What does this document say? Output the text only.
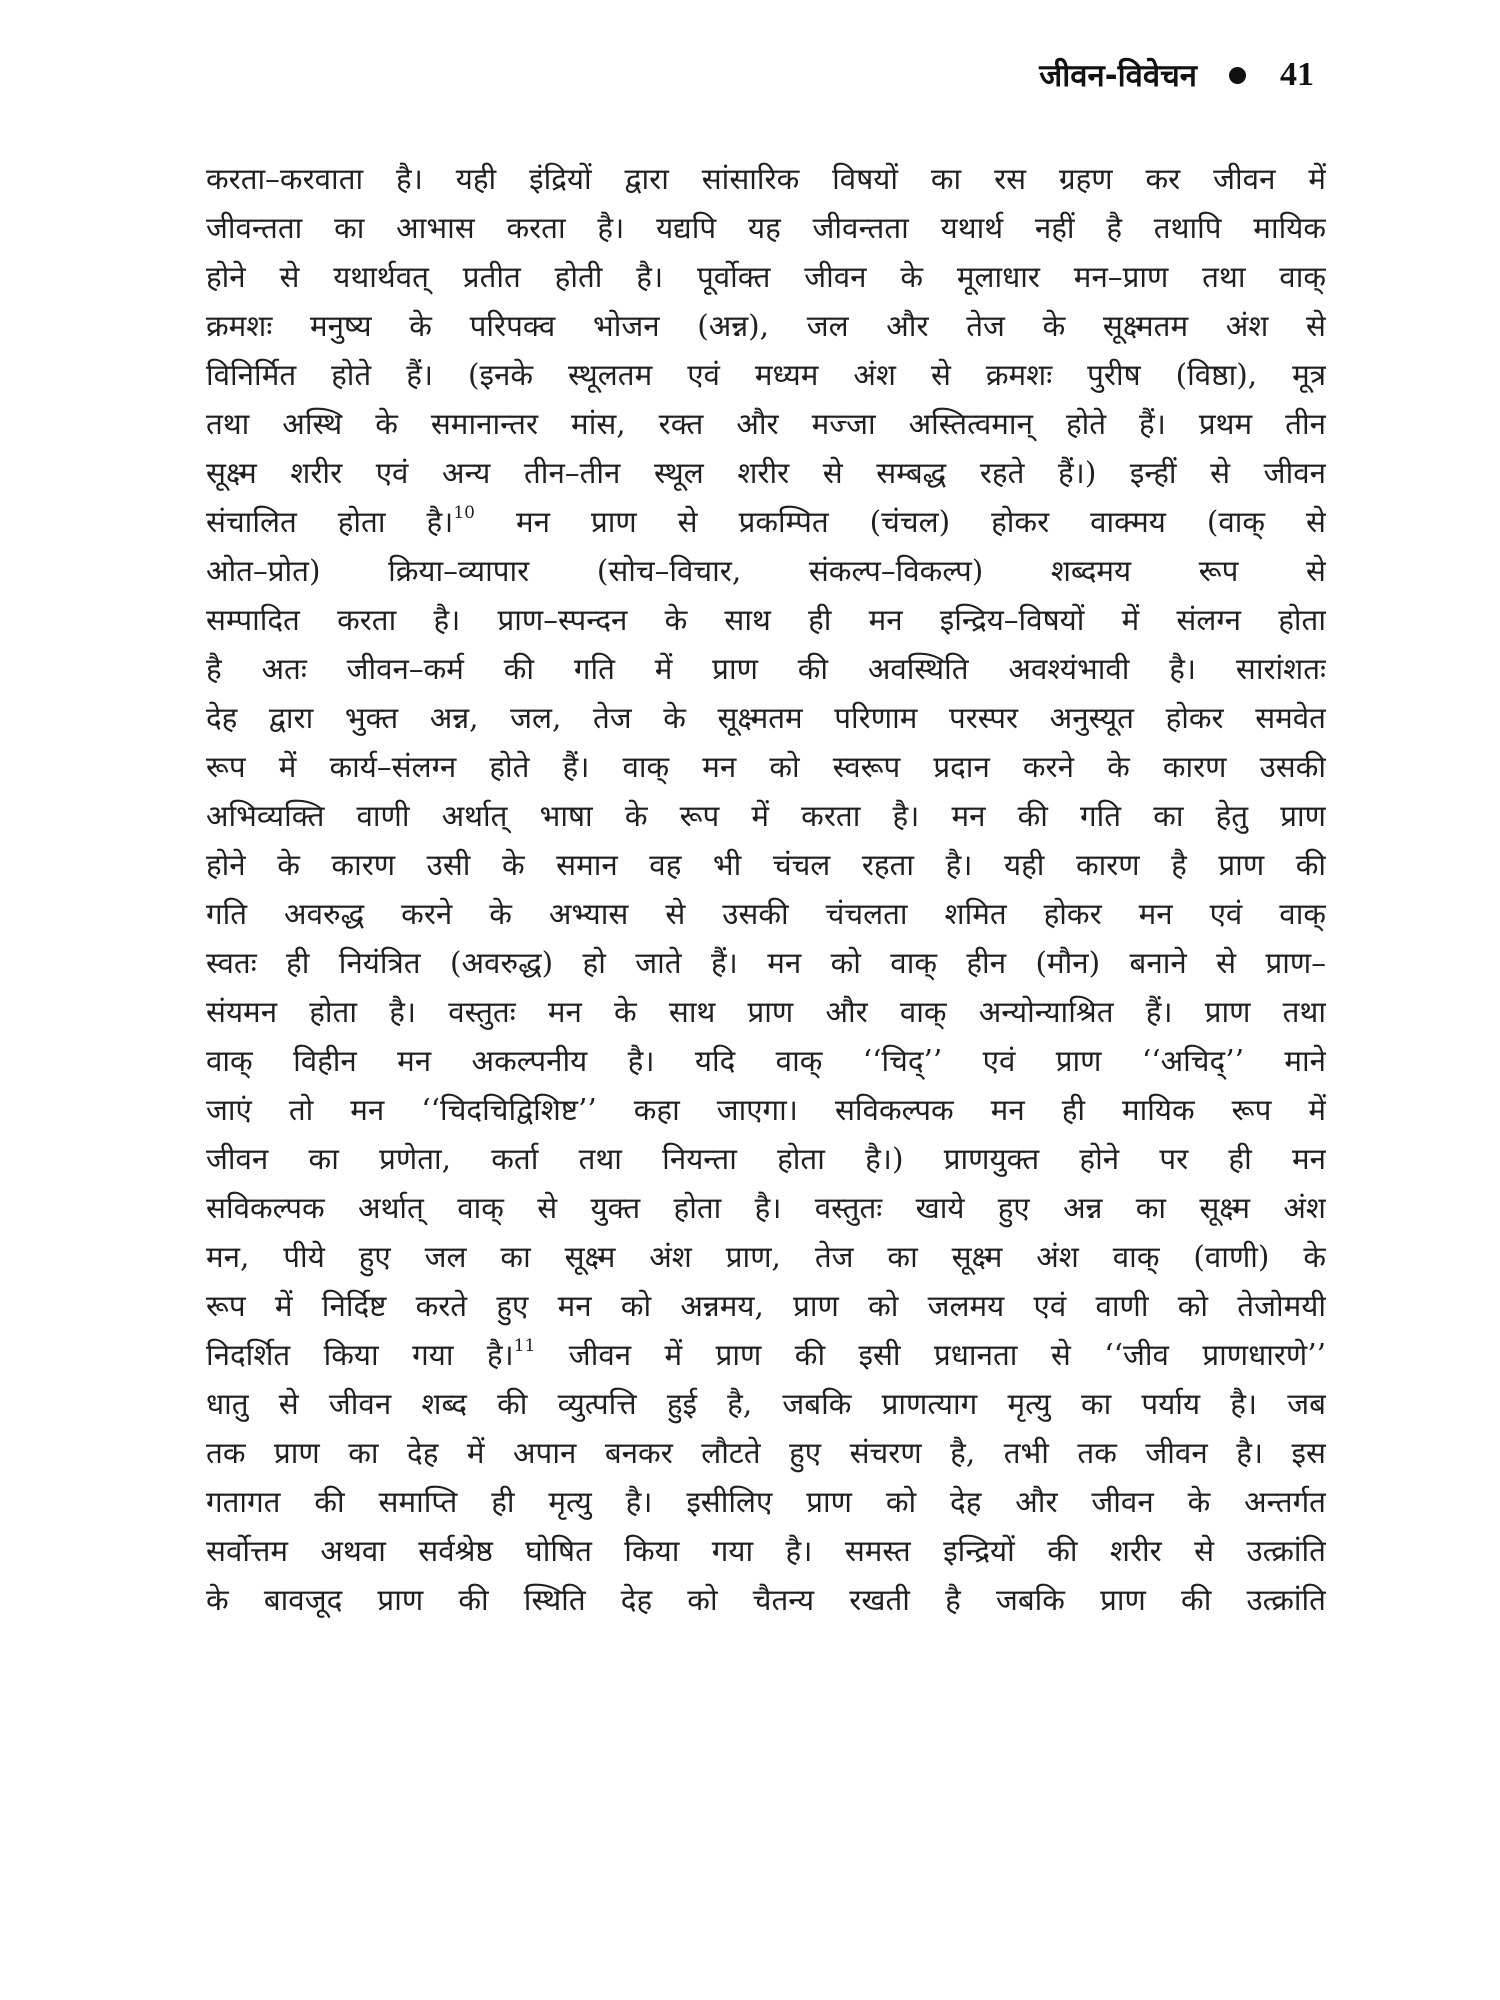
जीवन-विवेचन 41
करता–करवाता है। यही इंद्रियों द्वारा सांसारिक विषयों का रस ग्रहण कर जीवन में
जीवन्तता का आभास करता है। यद्यपि यह जीवन्तता यथार्थ नहीं है तथापि मायिक
होने से यथार्थवत् प्रतीत होती है। पूर्वोक्त जीवन के मूलाधार मन–प्राण तथा वाक्
क्रमशः मनुष्य के परिपक्व भोजन (अन्न), जल और तेज के सूक्ष्मतम अंश से
विनिर्मित होते हैं। (इनके स्थूलतम एवं मध्यम अंश से क्रमशः पुरीष (विष्ठा), मूत्र
तथा अस्थि के समानान्तर मांस, रक्त और मज्जा अस्तित्वमान् होते हैं। प्रथम तीन
सूक्ष्म शरीर एवं अन्य तीन–तीन स्थूल शरीर से सम्बद्ध रहते हैं।) इन्हीं से जीवन
संचालित होता है।$^{10}$ मन प्राण से प्रकम्पित (चंचल) होकर वाक्मय (वाक् से
ओत–प्रोत) क्रिया–व्यापार (सोच–विचार, संकल्प–विकल्प) शब्दमय रूप से
सम्पादित करता है। प्राण–स्पन्दन के साथ ही मन इन्द्रिय–विषयों में संलग्न होता
है अतः जीवन–कर्म की गति में प्राण की अवस्थिति अवश्यंभावी है। सारांशतः
देह द्वारा भुक्त अन्न, जल, तेज के सूक्ष्मतम परिणाम परस्पर अनुस्यूत होकर समवेत
रूप में कार्य–संलग्न होते हैं। वाक् मन को स्वरूप प्रदान करने के कारण उसकी
अभिव्यक्ति वाणी अर्थात् भाषा के रूप में करता है। मन की गति का हेतु प्राण
होने के कारण उसी के समान वह भी चंचल रहता है। यही कारण है प्राण की
गति अवरुद्ध करने के अभ्यास से उसकी चंचलता शमित होकर मन एवं वाक्
स्वतः ही नियंत्रित (अवरुद्ध) हो जाते हैं। मन को वाक् हीन (मौन) बनाने से प्राण–
संयमन होता है। वस्तुतः मन के साथ प्राण और वाक् अन्योन्याश्रित हैं। प्राण तथा
वाक् विहीन मन अकल्पनीय है। यदि वाक् ‘‘चिद्’’ एवं प्राण ‘‘अचिद्’’ माने
जाएं तो मन ‘‘चिदचिद्विशिष्ट’’ कहा जाएगा। सविकल्पक मन ही मायिक रूप में
जीवन का प्रणेता, कर्ता तथा नियन्ता होता है।) प्राणयुक्त होने पर ही मन
सविकल्पक अर्थात् वाक् से युक्त होता है। वस्तुतः खाये हुए अन्न का सूक्ष्म अंश
मन, पीये हुए जल का सूक्ष्म अंश प्राण, तेज का सूक्ष्म अंश वाक् (वाणी) के
रूप में निर्दिष्ट करते हुए मन को अन्नमय, प्राण को जलमय एवं वाणी को तेजोमयी
निदर्शित किया गया है।$^{11}$ जीवन में प्राण की इसी प्रधानता से ‘‘जीव प्राणधारणे’’
धातु से जीवन शब्द की व्युत्पत्ति हुई है, जबकि प्राणत्याग मृत्यु का पर्याय है। जब
तक प्राण का देह में अपान बनकर लौटते हुए संचरण है, तभी तक जीवन है। इस
गतागत की समाप्ति ही मृत्यु है। इसीलिए प्राण को देह और जीवन के अन्तर्गत
सर्वोत्तम अथवा सर्वश्रेष्ठ घोषित किया गया है। समस्त इन्द्रियों की शरीर से उत्क्रांति
के बावजूद प्राण की स्थिति देह को चैतन्य रखती है जबकि प्राण की उत्क्रांति
